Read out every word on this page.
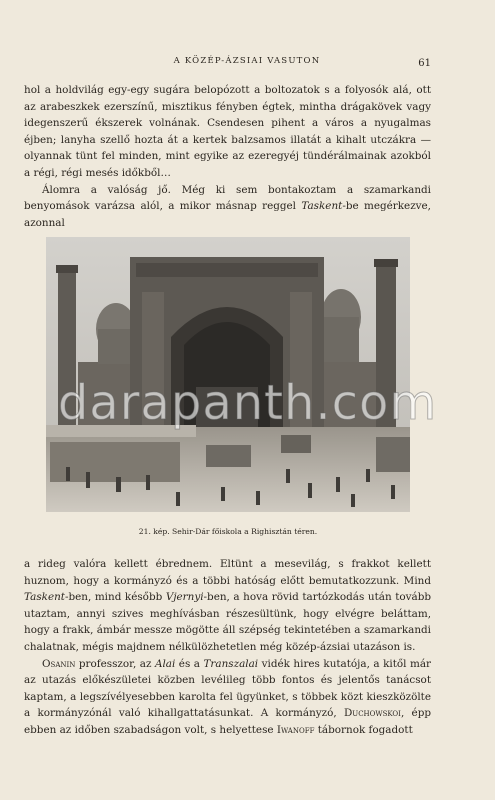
A KÖZÉP-ÁZSIAI VASUTON	61

hol a holdvilág egy-egy sugára belopózott a boltozatok s a folyosók alá, ott az arabeszkek ezerszínű, misztikus fényben égtek, mintha drágakövek vagy idegenszerű ékszerek volnának. Csendesen pihent a város a nyugalmas éjben; lanyha szellő hozta át a kertek balzsamos illatát a kihalt utczákra — olyannak tünt fel minden, mint egyike az ezeregyéj tündérálmainak azokból a régi, régi mesés időkből…

Álomra a valóság jő. Még ki sem bontakoztam a szamarkandi benyomások varázsa alól, a mikor másnap reggel Taskent-be megérkezve, azonnal

darapanth.com
21. kép. Sehir-Dár főiskola a Righisztán téren.

a rideg valóra kellett ébrednem. Eltünt a mesevilág, s frakkot kellett huznom, hogy a kormányzó és a többi hatóság előtt bemutatkozzunk. Mind Taskent-ben, mind később Vjernyi-ben, a hova rövid tartózkodás után tovább utaztam, annyi szives meghívásban részesültünk, hogy elvégre beláttam, hogy a frakk, ámbár messze mögötte áll szépség tekintetében a szamarkandi chalatnak, mégis majdnem nélkülözhetetlen még közép-ázsiai utazáson is.

Osanin professzor, az Alai és a Transzalai vidék hires kutatója, a kitől már az utazás előkészületei közben levélileg több fontos és jelentős tanácsot kaptam, a legszívélyesebben karolta fel ügyünket, s többek közt kieszközölte a kormányzónál való kihallgattatásunkat. A kormányzó, Duchowskoi, épp ebben az időben szabadságon volt, s helyettese Iwanoff tábornok fogadott
